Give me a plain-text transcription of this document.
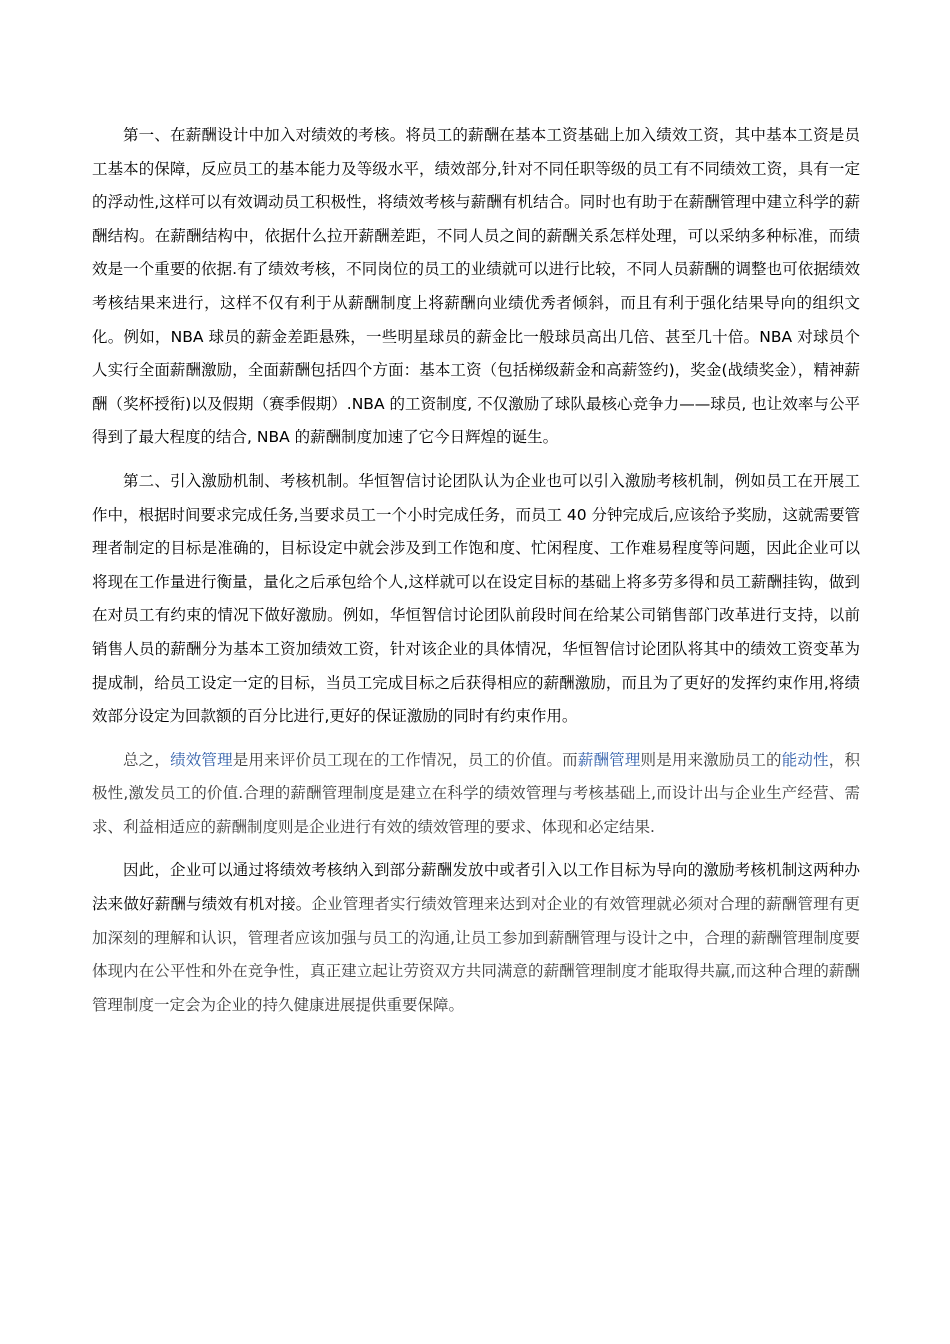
第一、在薪酬设计中加入对绩效的考核。将员工的薪酬在基本工资基础上加入绩效工资，其中基本工资是员工基本的保障，反应员工的基本能力及等级水平，绩效部分,针对不同任职等级的员工有不同绩效工资，具有一定的浮动性,这样可以有效调动员工积极性，将绩效考核与薪酬有机结合。同时也有助于在薪酬管理中建立科学的薪酬结构。在薪酬结构中，依据什么拉开薪酬差距，不同人员之间的薪酬关系怎样处理，可以采纳多种标准，而绩效是一个重要的依据.有了绩效考核，不同岗位的员工的业绩就可以进行比较，不同人员薪酬的调整也可依据绩效考核结果来进行，这样不仅有利于从薪酬制度上将薪酬向业绩优秀者倾斜，而且有利于强化结果导向的组织文化。例如，NBA 球员的薪金差距悬殊，一些明星球员的薪金比一般球员高出几倍、甚至几十倍。NBA 对球员个人实行全面薪酬激励，全面薪酬包括四个方面：基本工资（包括梯级薪金和高薪签约)，奖金(战绩奖金），精神薪酬（奖杯授衔)以及假期（赛季假期）.NBA 的工资制度, 不仅激励了球队最核心竞争力——球员, 也让效率与公平得到了最大程度的结合, NBA 的薪酬制度加速了它今日辉煌的诞生。

第二、引入激励机制、考核机制。华恒智信讨论团队认为企业也可以引入激励考核机制，例如员工在开展工作中，根据时间要求完成任务,当要求员工一个小时完成任务，而员工 40 分钟完成后,应该给予奖励，这就需要管理者制定的目标是准确的，目标设定中就会涉及到工作饱和度、忙闲程度、工作难易程度等问题，因此企业可以将现在工作量进行衡量，量化之后承包给个人,这样就可以在设定目标的基础上将多劳多得和员工薪酬挂钩，做到在对员工有约束的情况下做好激励。例如，华恒智信讨论团队前段时间在给某公司销售部门改革进行支持，以前销售人员的薪酬分为基本工资加绩效工资，针对该企业的具体情况，华恒智信讨论团队将其中的绩效工资变革为提成制，给员工设定一定的目标，当员工完成目标之后获得相应的薪酬激励，而且为了更好的发挥约束作用,将绩效部分设定为回款额的百分比进行,更好的保证激励的同时有约束作用。

总之，绩效管理是用来评价员工现在的工作情况，员工的价值。而薪酬管理则是用来激励员工的能动性，积极性,激发员工的价值.合理的薪酬管理制度是建立在科学的绩效管理与考核基础上,而设计出与企业生产经营、需求、利益相适应的薪酬制度则是企业进行有效的绩效管理的要求、体现和必定结果.

因此，企业可以通过将绩效考核纳入到部分薪酬发放中或者引入以工作目标为导向的激励考核机制这两种办法来做好薪酬与绩效有机对接。企业管理者实行绩效管理来达到对企业的有效管理就必须对合理的薪酬管理有更加深刻的理解和认识，管理者应该加强与员工的沟通,让员工参加到薪酬管理与设计之中，合理的薪酬管理制度要体现内在公平性和外在竞争性，真正建立起让劳资双方共同满意的薪酬管理制度才能取得共赢,而这种合理的薪酬管理制度一定会为企业的持久健康进展提供重要保障。
